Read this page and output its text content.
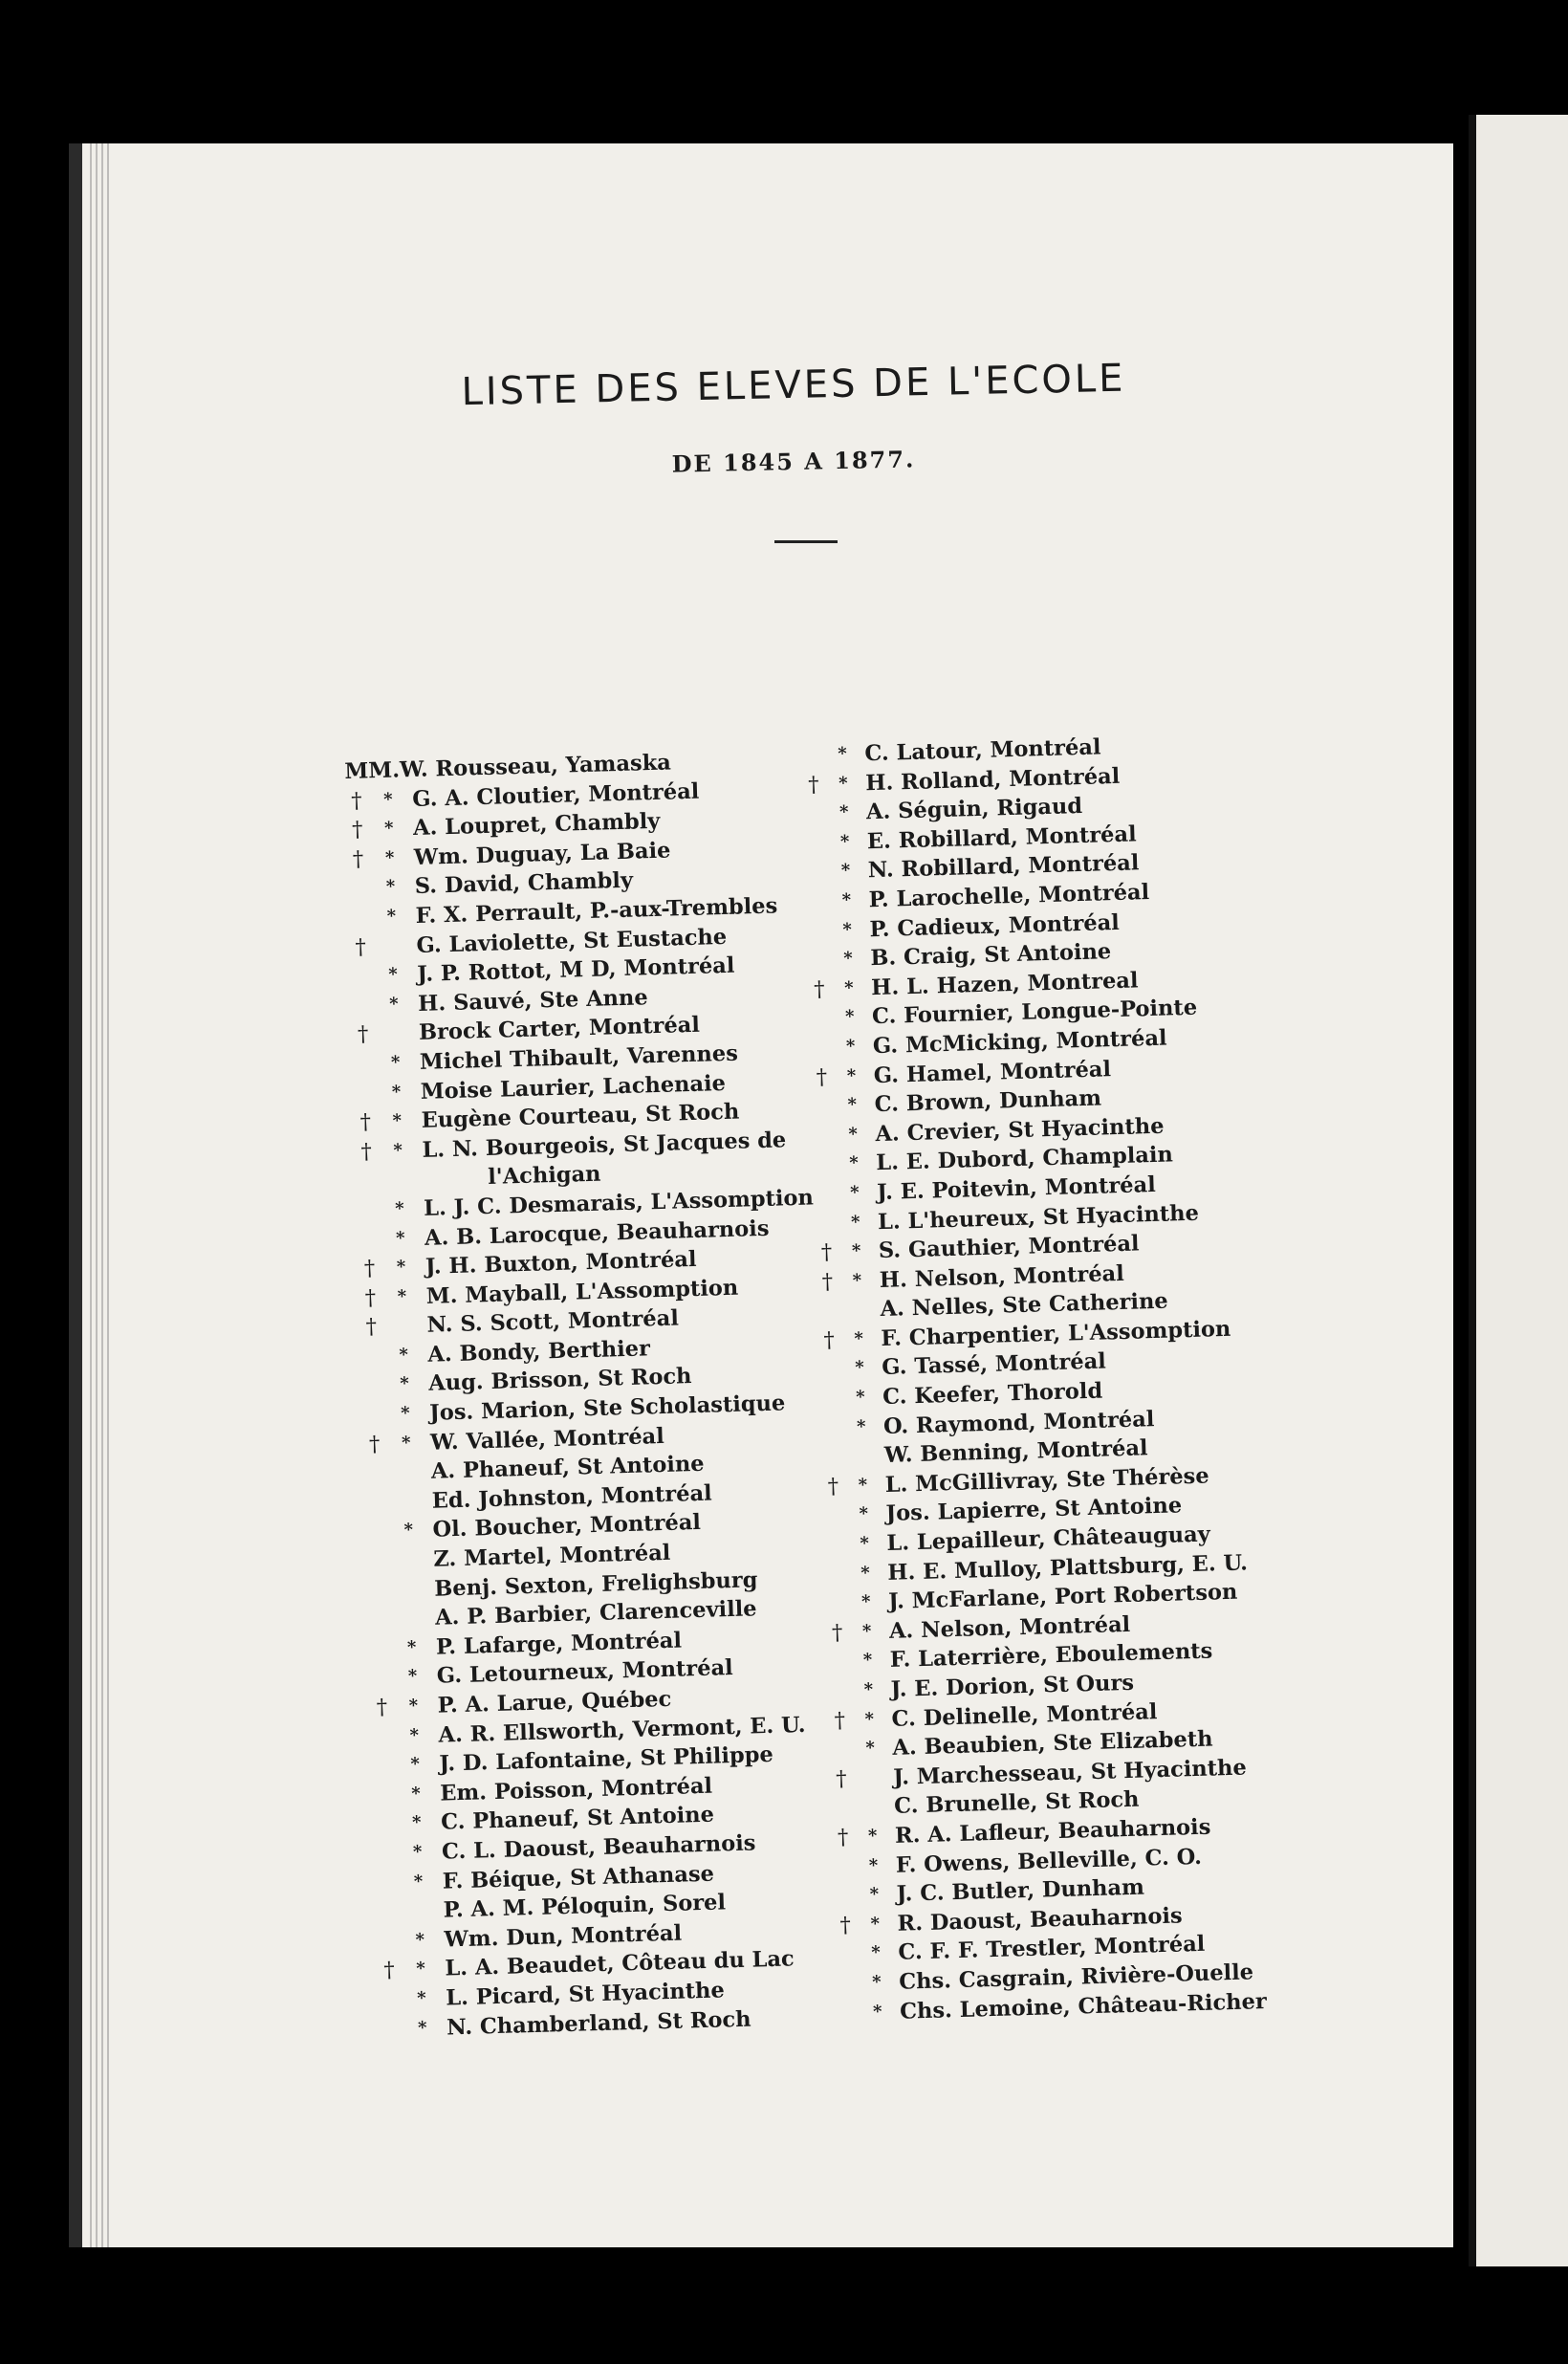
LISTE DES ELEVES DE L'ECOLE
DE 1845 A 1877.
MM.W. Rousseau, Yamaska
† * G. A. Cloutier, Montréal
† * A. Loupret, Chambly
† * Wm. Duguay, La Baie
* S. David, Chambly
* F. X. Perrault, P.-aux-Trembles
† G. Laviolette, St Eustache
* J. P. Rottot, M D, Montréal
* H. Sauvé, Ste Anne
† Brock Carter, Montréal
* Michel Thibault, Varennes
* Moise Laurier, Lachenaie
† * Eugène Courteau, St Roch
† * L. N. Bourgeois, St Jacques de
l'Achigan
* L. J. C. Desmarais, L'Assomption
* A. B. Larocque, Beauharnois
† * J. H. Buxton, Montréal
† * M. Mayball, L'Assomption
† N. S. Scott, Montréal
* A. Bondy, Berthier
* Aug. Brisson, St Roch
* Jos. Marion, Ste Scholastique
† * W. Vallée, Montréal
A. Phaneuf, St Antoine
Ed. Johnston, Montréal
* Ol. Boucher, Montréal
Z. Martel, Montréal
Benj. Sexton, Frelighsburg
A. P. Barbier, Clarenceville
* P. Lafarge, Montréal
* G. Letourneux, Montréal
† * P. A. Larue, Québec
* A. R. Ellsworth, Vermont, E. U.
* J. D. Lafontaine, St Philippe
* Em. Poisson, Montréal
* C. Phaneuf, St Antoine
* C. L. Daoust, Beauharnois
* F. Béique, St Athanase
P. A. M. Péloquin, Sorel
* Wm. Dun, Montréal
† * L. A. Beaudet, Côteau du Lac
* L. Picard, St Hyacinthe
* N. Chamberland, St Roch
* C. Latour, Montréal
† * H. Rolland, Montréal
* A. Séguin, Rigaud
* E. Robillard, Montréal
* N. Robillard, Montréal
* P. Larochelle, Montréal
* P. Cadieux, Montréal
* B. Craig, St Antoine
† * H. L. Hazen, Montreal
* C. Fournier, Longue-Pointe
* G. McMicking, Montréal
† * G. Hamel, Montréal
* C. Brown, Dunham
* A. Crevier, St Hyacinthe
* L. E. Dubord, Champlain
* J. E. Poitevin, Montréal
* L. L'heureux, St Hyacinthe
† * S. Gauthier, Montréal
† * H. Nelson, Montréal
A. Nelles, Ste Catherine
† * F. Charpentier, L'Assomption
* G. Tassé, Montréal
* C. Keefer, Thorold
* O. Raymond, Montréal
W. Benning, Montréal
† * L. McGillivray, Ste Thérèse
* Jos. Lapierre, St Antoine
* L. Lepailleur, Châteauguay
* H. E. Mulloy, Plattsburg, E. U.
* J. McFarlane, Port Robertson
† * A. Nelson, Montréal
* F. Laterrière, Eboulements
* J. E. Dorion, St Ours
† * C. Delinelle, Montréal
* A. Beaubien, Ste Elizabeth
† J. Marchesseau, St Hyacinthe
C. Brunelle, St Roch
† * R. A. Lafleur, Beauharnois
* F. Owens, Belleville, C. O.
* J. C. Butler, Dunham
† * R. Daoust, Beauharnois
* C. F. F. Trestler, Montréal
* Chs. Casgrain, Rivière-Ouelle
* Chs. Lemoine, Château-Richer
